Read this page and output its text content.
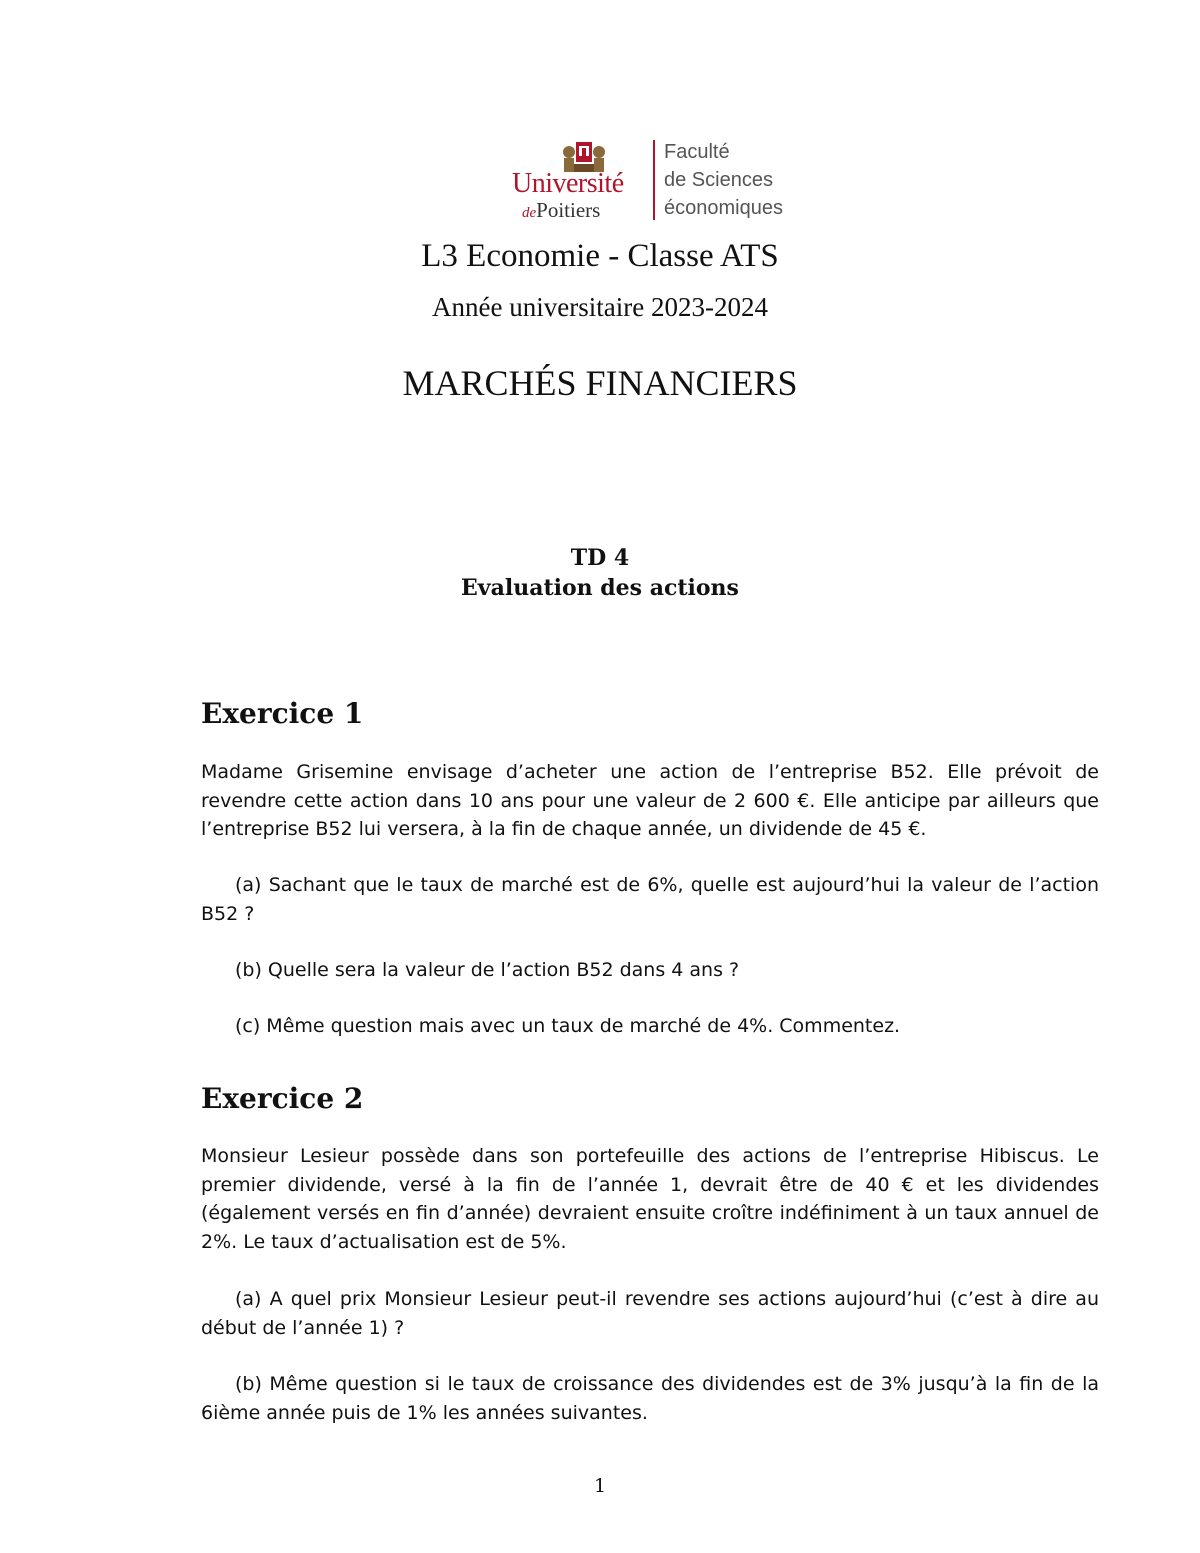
Université
dePoitiers
Faculté
de Sciences
économiques
L3 Economie - Classe ATS
Année universitaire 2023-2024
MARCHÉS FINANCIERS
TD 4
Evaluation des actions
Exercice 1
Madame Grisemine envisage d’acheter une action de l’entreprise B52. Elle prévoit de revendre cette action dans 10 ans pour une valeur de 2 600 €. Elle anticipe par ailleurs que l’entreprise B52 lui versera, à la fin de chaque année, un dividende de 45 €.
(a) Sachant que le taux de marché est de 6%, quelle est aujourd’hui la valeur de l’action B52 ?
(b) Quelle sera la valeur de l’action B52 dans 4 ans ?
(c) Même question mais avec un taux de marché de 4%. Commentez.
Exercice 2
Monsieur Lesieur possède dans son portefeuille des actions de l’entreprise Hibiscus. Le premier dividende, versé à la fin de l’année 1, devrait être de 40 € et les dividendes (également versés en fin d’année) devraient ensuite croître indéfiniment à un taux annuel de 2%. Le taux d’actualisation est de 5%.
(a) A quel prix Monsieur Lesieur peut-il revendre ses actions aujourd’hui (c’est à dire au début de l’année 1) ?
(b) Même question si le taux de croissance des dividendes est de 3% jusqu’à la fin de la 6ième année puis de 1% les années suivantes.
1
